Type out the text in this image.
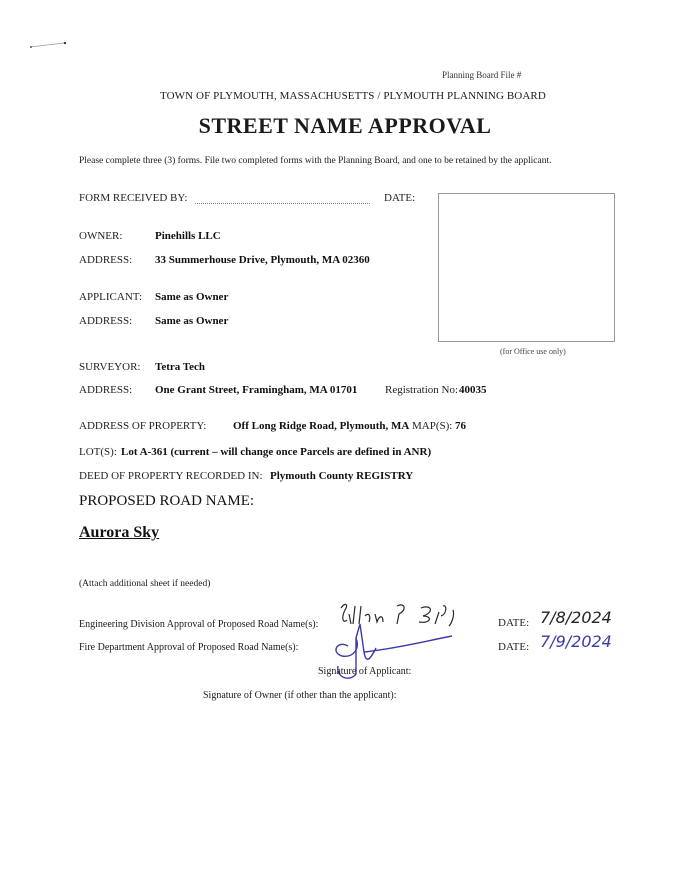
Planning Board File #
TOWN OF PLYMOUTH, MASSACHUSETTS / PLYMOUTH PLANNING BOARD
STREET NAME APPROVAL
Please complete three (3) forms. File two completed forms with the Planning Board, and one to be retained by the applicant.
FORM RECEIVED BY:	DATE:
(for Office use only)
OWNER:	Pinehills LLC
ADDRESS: 33 Summerhouse Drive, Plymouth, MA 02360
APPLICANT: Same as Owner
ADDRESS: Same as Owner
SURVEYOR: Tetra Tech
ADDRESS: One Grant Street, Framingham, MA 01701	Registration No: 40035
ADDRESS OF PROPERTY: Off Long Ridge Road, Plymouth, MA MAP(S): 76
LOT(S): Lot A-361 (current – will change once Parcels are defined in ANR)
DEED OF PROPERTY RECORDED IN: Plymouth County REGISTRY
PROPOSED ROAD NAME:
Aurora Sky
(Attach additional sheet if needed)
Engineering Division Approval of Proposed Road Name(s):	DATE: 7/8/2024
Fire Department Approval of Proposed Road Name(s):	DATE: 7/9/2024
Signature of Applicant:
Signature of Owner (if other than the applicant):
